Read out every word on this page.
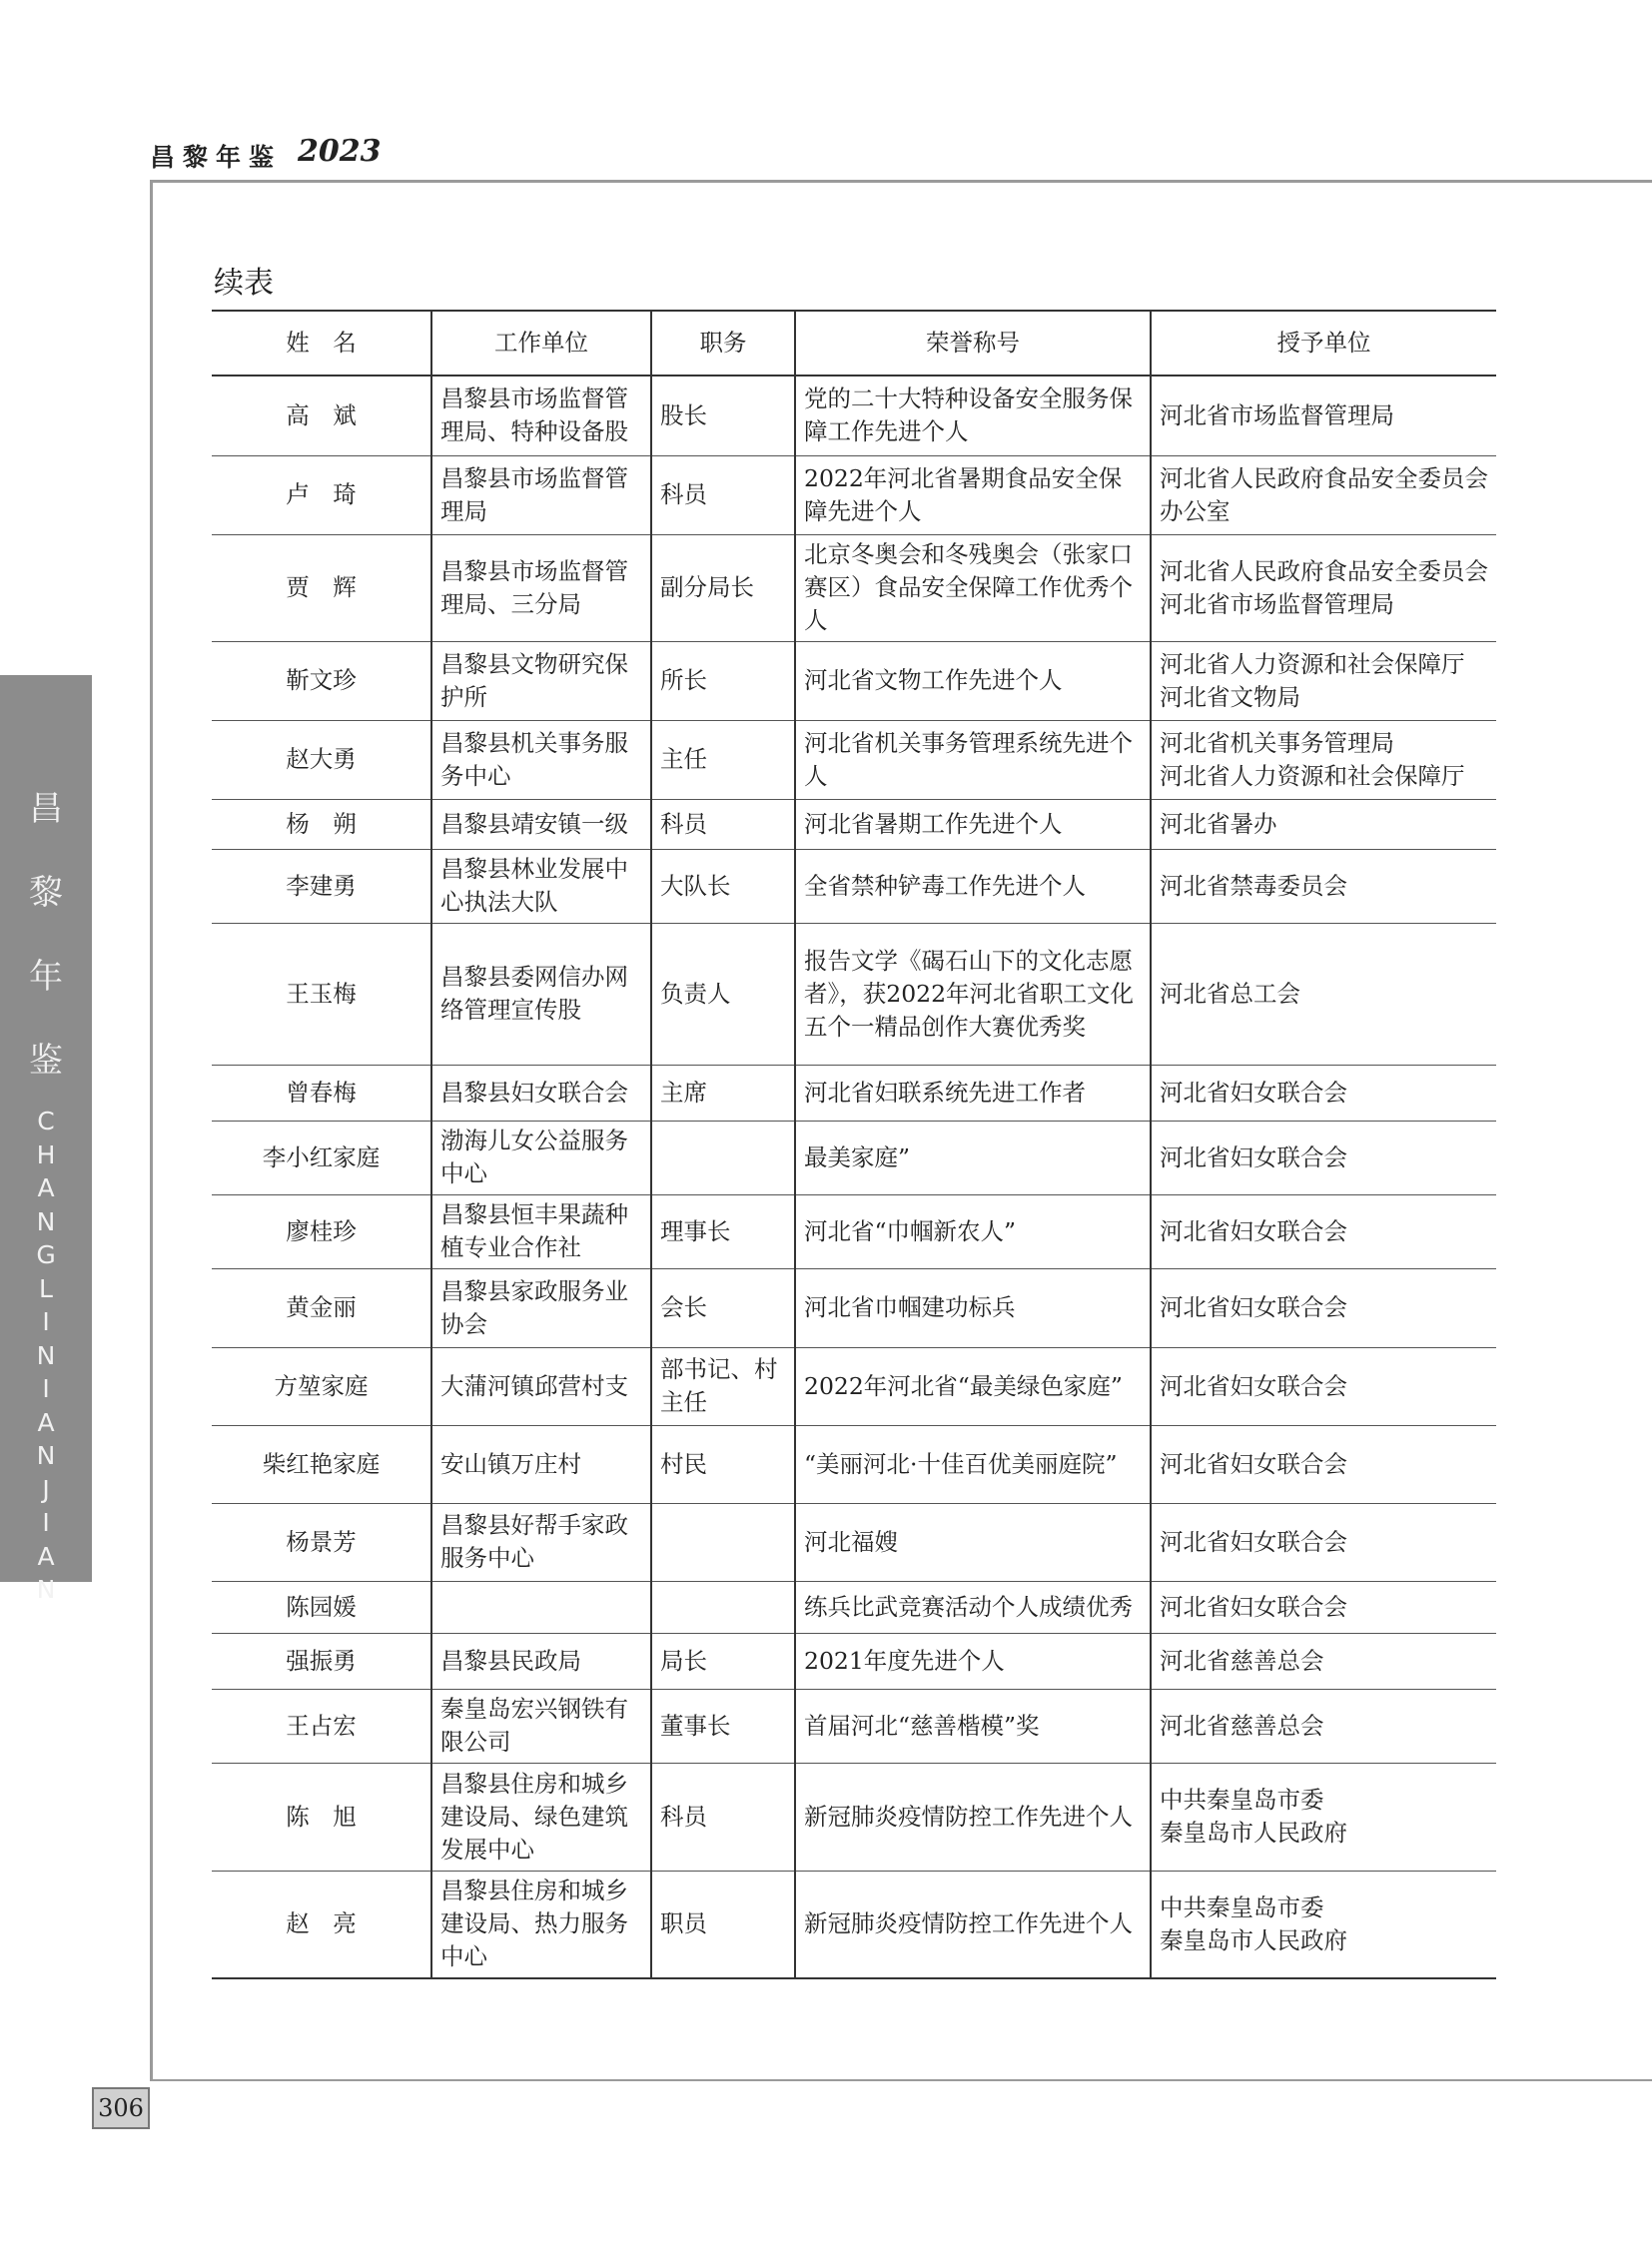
昌黎年鉴 2023
昌
黎
年
鉴
C
H
A
N
G
L
I
N
I
A
N
J
I
A
N
306
续表
姓　名	工作单位	职务	荣誉称号	授予单位
高　斌	昌黎县市场监督管理局、特种设备股	股长	党的二十大特种设备安全服务保障工作先进个人	河北省市场监督管理局
卢　琦	昌黎县市场监督管理局	科员	2022年河北省暑期食品安全保障先进个人	河北省人民政府食品安全委员会办公室
贾　辉	昌黎县市场监督管理局、三分局	副分局长	北京冬奥会和冬残奥会（张家口赛区）食品安全保障工作优秀个人	河北省人民政府食品安全委员会
河北省市场监督管理局
靳文珍	昌黎县文物研究保护所	所长	河北省文物工作先进个人	河北省人力资源和社会保障厅
河北省文物局
赵大勇	昌黎县机关事务服务中心	主任	河北省机关事务管理系统先进个人	河北省机关事务管理局
河北省人力资源和社会保障厅
杨　朔	昌黎县靖安镇一级	科员	河北省暑期工作先进个人	河北省暑办
李建勇	昌黎县林业发展中心执法大队	大队长	全省禁种铲毒工作先进个人	河北省禁毒委员会
王玉梅	昌黎县委网信办网络管理宣传股	负责人	报告文学《碣石山下的文化志愿者》，获2022年河北省职工文化五个一精品创作大赛优秀奖	河北省总工会
曾春梅	昌黎县妇女联合会	主席	河北省妇联系统先进工作者	河北省妇女联合会
李小红家庭	渤海儿女公益服务中心		最美家庭”	河北省妇女联合会
廖桂珍	昌黎县恒丰果蔬种植专业合作社	理事长	河北省“巾帼新农人”	河北省妇女联合会
黄金丽	昌黎县家政服务业协会	会长	河北省巾帼建功标兵	河北省妇女联合会
方堃家庭	大蒲河镇邱营村支	部书记、村主任	2022年河北省“最美绿色家庭”	河北省妇女联合会
柴红艳家庭	安山镇万庄村	村民	“美丽河北·十佳百优美丽庭院”	河北省妇女联合会
杨景芳	昌黎县好帮手家政服务中心		河北福嫂	河北省妇女联合会
陈园媛			练兵比武竞赛活动个人成绩优秀	河北省妇女联合会
强振勇	昌黎县民政局	局长	2021年度先进个人	河北省慈善总会
王占宏	秦皇岛宏兴钢铁有限公司	董事长	首届河北“慈善楷模”奖	河北省慈善总会
陈　旭	昌黎县住房和城乡建设局、绿色建筑发展中心	科员	新冠肺炎疫情防控工作先进个人	中共秦皇岛市委
秦皇岛市人民政府
赵　亮	昌黎县住房和城乡建设局、热力服务中心	职员	新冠肺炎疫情防控工作先进个人	中共秦皇岛市委
秦皇岛市人民政府
